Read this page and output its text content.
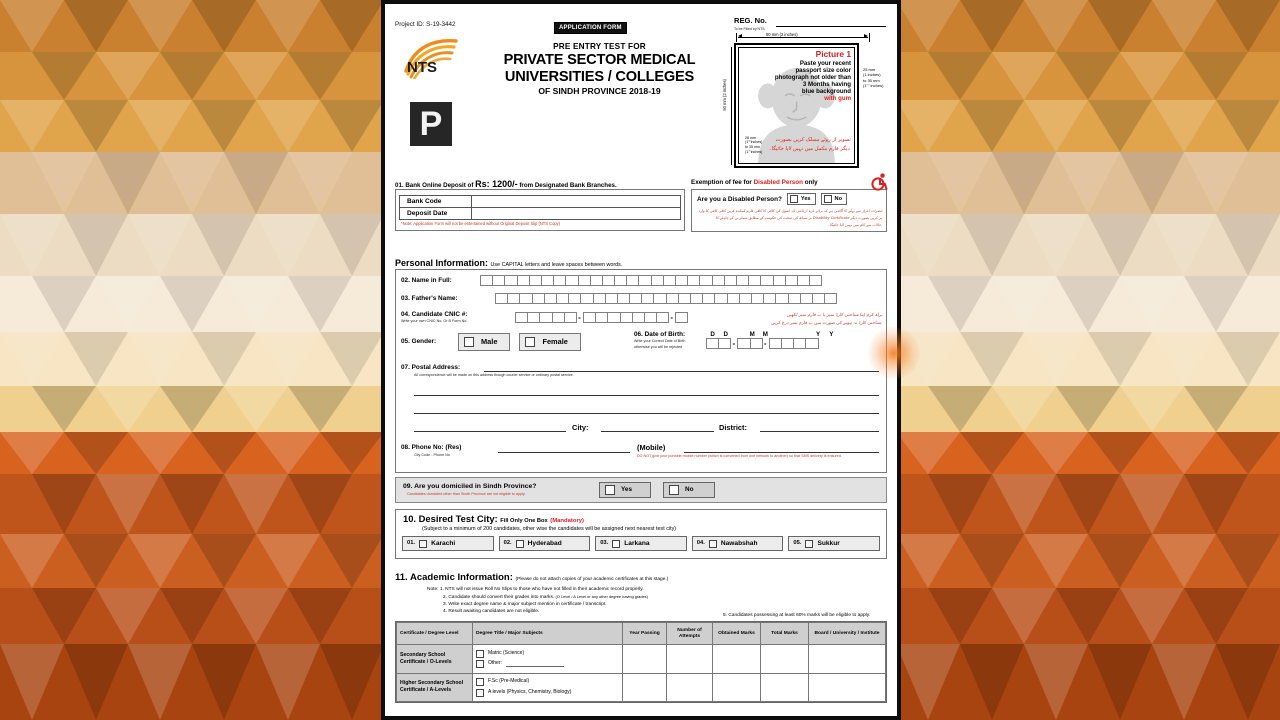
Project ID: S-19-3442	APPLICATION FORM
NTS
P
PRE ENTRY TEST FOR
PRIVATE SECTOR MEDICAL
UNIVERSITIES / COLLEGES
OF SINDH PROVINCE 2018-19
REG. No.
To be Filled by NTS
50 mm (2 inches)
50 mm (2 inches)
25 mm
(1 inches)
to 35 mm
(1"" inches)
Picture 1
Paste your recent
passport size color
photograph not older than
3 Months having
blue background
with gum
تصویر از روئے مسلک کریں بصورت
دیگر فارم مکمل میں نہیں لایا جائیگا۔
28 mm
(1""inches)
to 35 mm
(1""inches)
01. Bank Online Deposit of Rs: 1200/- from Designated Bank Branches.
Bank Code
Deposit Date
*Note: Application Form will not be entertained without Original Deposit Slip (NTS Copy)
Exemption of fee for Disabled Person only
Are you a Disabled Person?	Yes	No
حضرات اعزاز سے پہلے کا آگاہی ہے کہ برائے بارہ ارجاعی کہ اصول کی کافی کا کافی فارم کمکدہ کریں کافی کافی کا وارد
پر سنڈھ کی صحت کی حکومت کے مطابق شمار بن کے چاہئے کا Disability Certificate پر کریں بصورت دیگر
حالات سے کام میں نہیں لایا جائیگا۔
Personal Information: Use CAPITAL letters and leave spaces between words.
02. Name in Full:
03. Father's Name:
04. Candidate CNIC #:
Write your own CNIC No. Or B Form No.	-	-	براہ کرم اپنا شناختی کارڈ نمبر یا ب فارم نمبر لکھیں
شناختی کارڈ نہ ہونے کی صورت میں ب فارم نمبر درج کریں
05. Gender:	Male	Female
06. Date of Birth:
Write your Correct Date of Birth
otherwise you will be rejected
D	D	M	M	Y	Y
-	-
07. Postal Address:
All correspondence will be made on this address though courier service or ordinary postal service.
City:	District:
08. Phone No: (Res)
City Code - Phone No
(Mobile)
DO NOT give your portable mobile number (which is converted from one network to another) so that SMS delivery is ensured.
09. Are you domiciled in Sindh Province?
Candidates domiciled other than Sindh Province are not eligible to apply.
Yes	No
10. Desired Test City: Fill Only One Box (Mandatory)
(Subject to a minimum of 200 candidates, other wise the candidates will be assigned next nearest test city)
01. Karachi	02. Hyderabad	03. Larkana	04. Nawabshah	05. Sukkur
11. Academic Information: (Please do not attach copies of your academic certificates at this stage.)
Note: 1. NTS will not issue Roll No Slips to those who have not filled in their academic record properly.
2. Candidate should convert their grades into marks. (O Level / A Level or any other degree having grades)
3. Write exact degree name & major subject mention in certificate / transcript.
4. Result awaiting candidates are not eligible.
5. Candidates possessing at least 60% marks will be eligible to apply.
Certificate / Degree Level	Degree Title / Major Subjects	Year Passing	Number of Attempts	Obtained Marks	Total Marks	Board / University / Institute
Secondary School Certificate / O-Levels	Matric (Science)
Other:					

Higher Secondary School Certificate / A-Levels	F.Sc (Pre-Medical)
A levels (Physics, Chemistry, Biology)					
